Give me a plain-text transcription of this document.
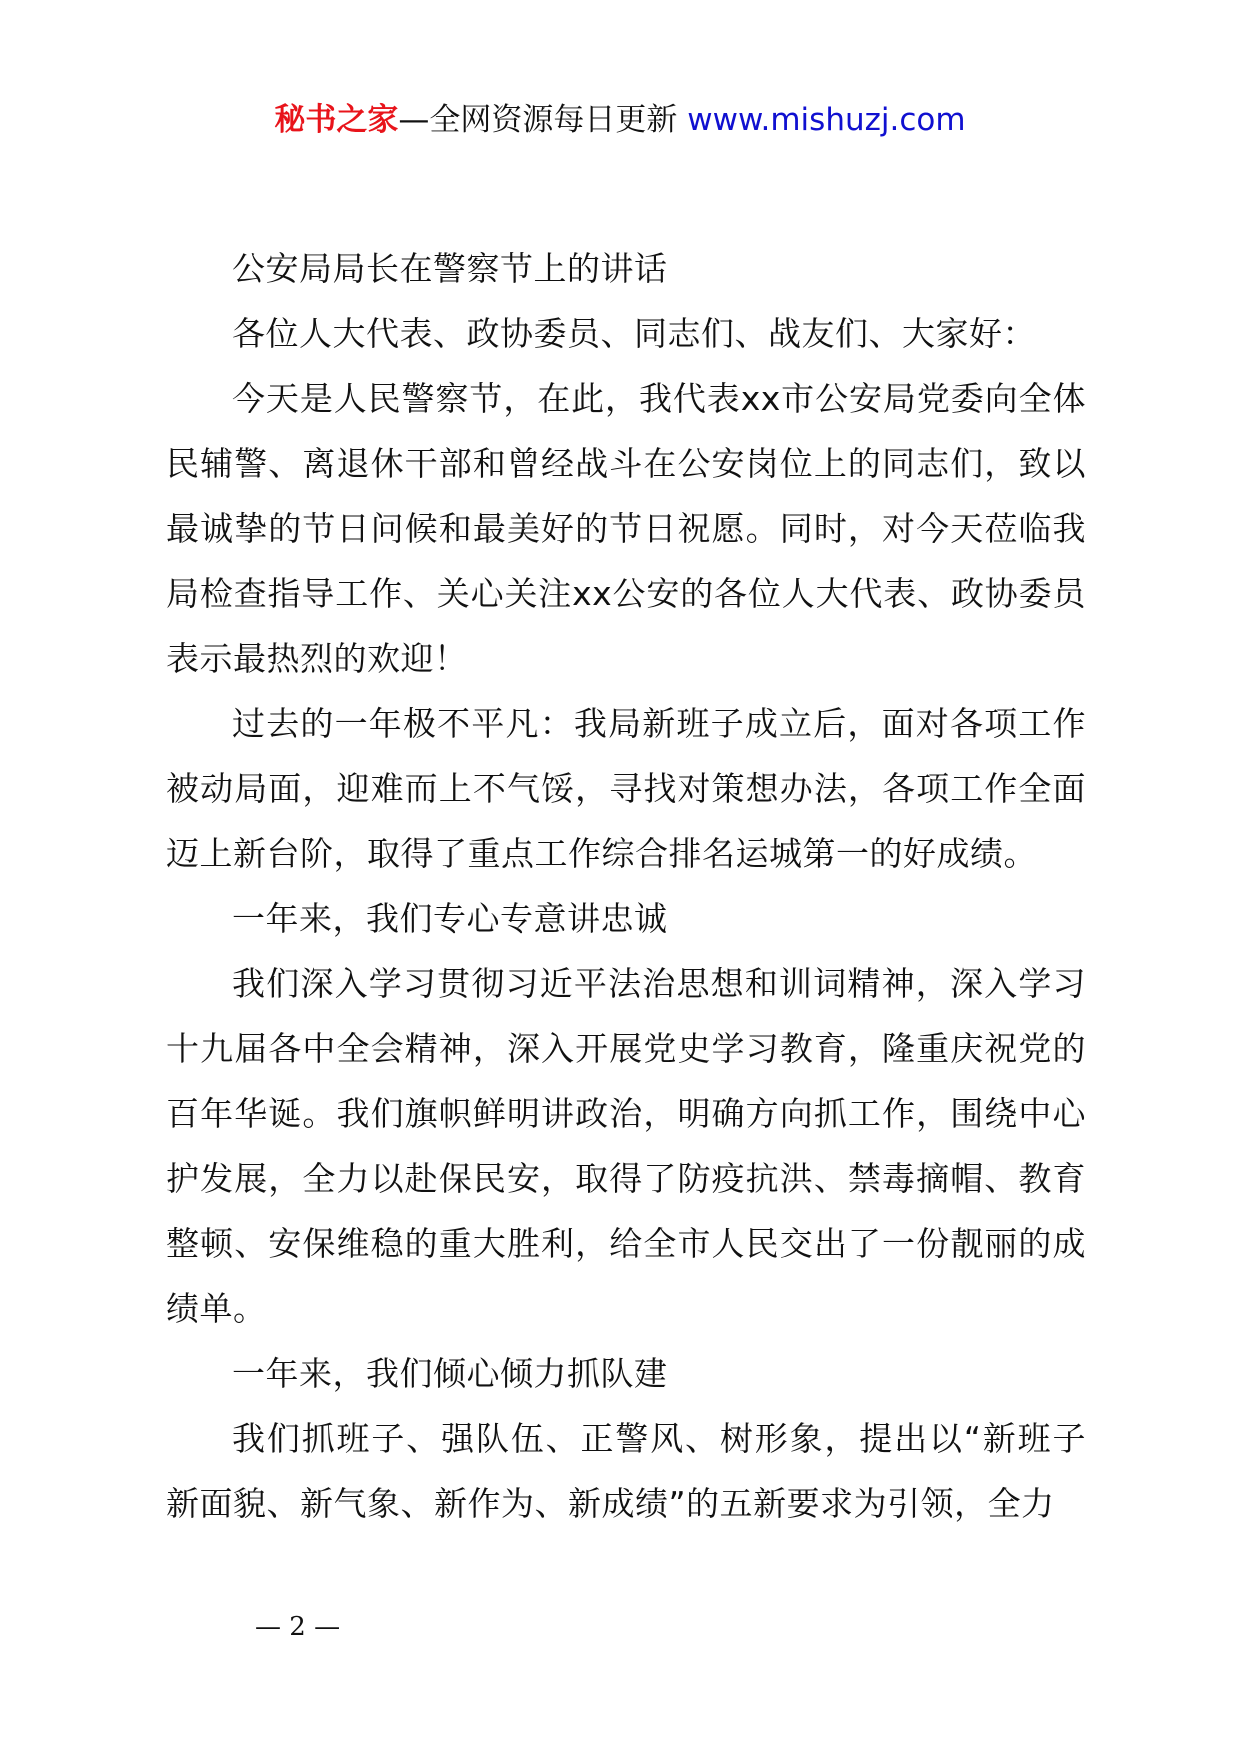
秘书之家—全网资源每日更新 www.mishuzj.com

公安局局长在警察节上的讲话

各位人大代表、政协委员、同志们、战友们、大家好：

今天是人民警察节，在此，我代表xx市公安局党委向全体民辅警、离退休干部和曾经战斗在公安岗位上的同志们，致以最诚挚的节日问候和最美好的节日祝愿。同时，对今天莅临我局检查指导工作、关心关注xx公安的各位人大代表、政协委员表示最热烈的欢迎！

过去的一年极不平凡：我局新班子成立后，面对各项工作被动局面，迎难而上不气馁，寻找对策想办法，各项工作全面迈上新台阶，取得了重点工作综合排名运城第一的好成绩。

一年来，我们专心专意讲忠诚

我们深入学习贯彻习近平法治思想和训词精神，深入学习十九届各中全会精神，深入开展党史学习教育，隆重庆祝党的百年华诞。我们旗帜鲜明讲政治，明确方向抓工作，围绕中心护发展，全力以赴保民安，取得了防疫抗洪、禁毒摘帽、教育整顿、安保维稳的重大胜利，给全市人民交出了一份靓丽的成绩单。

一年来，我们倾心倾力抓队建

我们抓班子、强队伍、正警风、树形象，提出以“新班子新面貌、新气象、新作为、新成绩”的五新要求为引领，全力

— 2 —
